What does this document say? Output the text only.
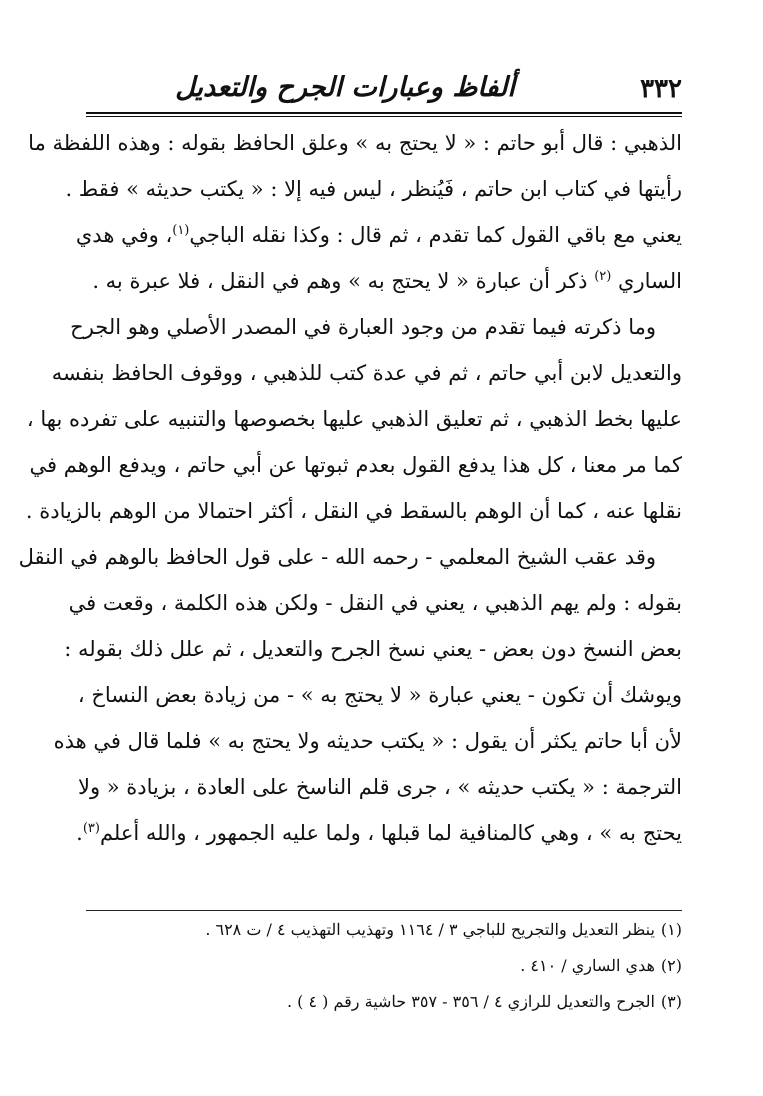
٣٣٢
ألفاظ وعبارات الجرح والتعديل
الذهبي : قال أبو حاتم : « لا يحتج به » وعلق الحافظ بقوله : وهذه اللفظة ما
رأيتها في كتاب ابن حاتم ، فَيُنظر ، ليس فيه إلا : « يكتب حديثه » فقط .
يعني مع باقي القول كما تقدم ، ثم قال : وكذا نقله الباجي$^{(١)}$، وفي هدي
الساري $^{(٢)}$ ذكر أن عبارة « لا يحتج به » وهم في النقل ، فلا عبرة به .
وما ذكرته فيما تقدم من وجود العبارة في المصدر الأصلي وهو الجرح
والتعديل لابن أبي حاتم ، ثم في عدة كتب للذهبي ، ووقوف الحافظ بنفسه
عليها بخط الذهبي ، ثم تعليق الذهبي عليها بخصوصها والتنبيه على تفرده بها ،
كما مر معنا ، كل هذا يدفع القول بعدم ثبوتها عن أبي حاتم ، ويدفع الوهم في
نقلها عنه ، كما أن الوهم بالسقط في النقل ، أكثر احتمالا من الوهم بالزيادة .
وقد عقب الشيخ المعلمي - رحمه الله - على قول الحافظ بالوهم في النقل
بقوله : ولم يهم الذهبي ، يعني في النقل - ولكن هذه الكلمة ، وقعت في
بعض النسخ دون بعض - يعني نسخ الجرح والتعديل ، ثم علل ذلك بقوله :
ويوشك أن تكون - يعني عبارة « لا يحتج به » - من زيادة بعض النساخ ،
لأن أبا حاتم يكثر أن يقول : « يكتب حديثه ولا يحتج به » فلما قال في هذه
الترجمة : « يكتب حديثه » ، جرى قلم الناسخ على العادة ، بزيادة « ولا
يحتج به » ، وهي كالمنافية لما قبلها ، ولما عليه الجمهور ، والله أعلم$^{(٣)}$.
(١)ينظر التعديل والتجريح للباجي ٣ / ١١٦٤ وتهذيب التهذيب ٤ / ت ٦٢٨ .
(٢)هدي الساري / ٤١٠ .
(٣)الجرح والتعديل للرازي ٤ / ٣٥٦ - ٣٥٧ حاشية رقم ( ٤ ) .
